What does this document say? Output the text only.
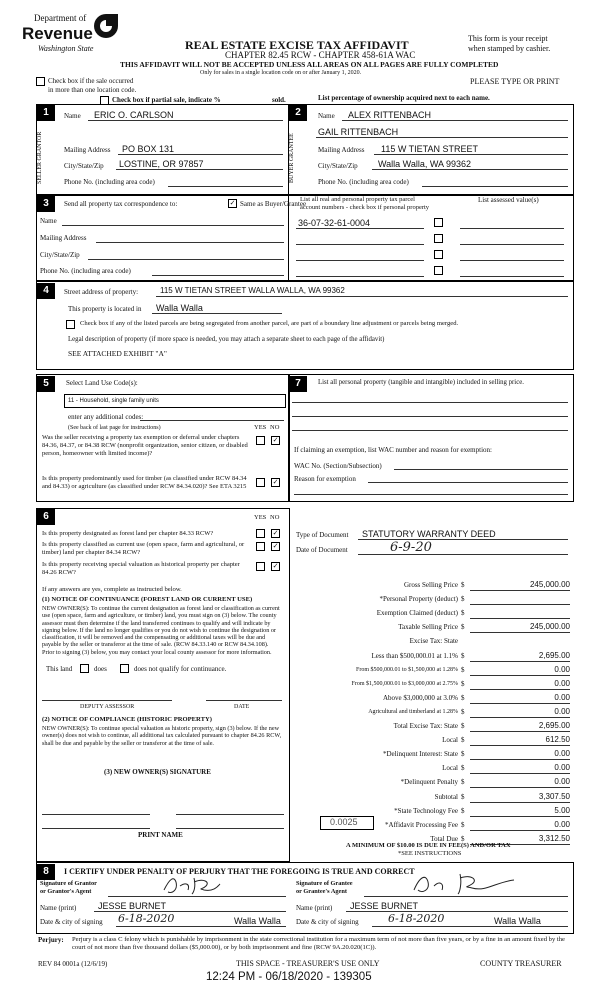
Department of
Revenue
Washington State	REAL ESTATE EXCISE TAX AFFIDAVIT
CHAPTER 82.45 RCW - CHAPTER 458-61A WAC
THIS AFFIDAVIT WILL NOT BE ACCEPTED UNLESS ALL AREAS ON ALL PAGES ARE FULLY COMPLETED
Only for sales in a single location code on or after January 1, 2020.
This form is your receipt
when stamped by cashier.
PLEASE TYPE OR PRINT
Check box if the sale occurred
in more than one location code.
Check box if partial sale, indicate %	sold.	List percentage of ownership acquired next to each name.
1
SELLER GRANTOR
Name ERIC O. CARLSON
Mailing Address PO BOX 131
City/State/Zip LOSTINE, OR 97857
Phone No. (including area code)
2
BUYER GRANTEE
Name ALEX RITTENBACH
GAIL RITTENBACH
Mailing Address 115 W TIETAN STREET
City/State/Zip Walla Walla, WA 99362
Phone No. (including area code)
3	Send all property tax correspondence to:	✓ Same as Buyer/Grantee
List all real and personal property tax parcel
account numbers - check box if personal property
List assessed value(s)
Name
Mailing Address
City/State/Zip
Phone No. (including area code)
36-07-32-61-0004
4	Street address of property:	115 W TIETAN STREET WALLA WALLA, WA 99362
This property is located in Walla Walla
Check box if any of the listed parcels are being segregated from another parcel, are part of a boundary line adjustment or parcels being merged.
Legal description of property (if more space is needed, you may attach a separate sheet to each page of the affidavit)
SEE ATTACHED EXHIBIT "A"
5	Select Land Use Code(s):
11 - Household, single family units
enter any additional codes:
(See back of last page for instructions)	YES NO
Was the seller receiving a property tax exemption or deferral under chapters 84.36, 84.37, or 84.38 RCW (nonprofit organization, senior citizen, or disabled person, homeowner with limited income)?
✓
Is this property predominantly used for timber (as classified under RCW 84.34 and 84.33) or agriculture (as classified under RCW 84.34.020)? See ETA 3215
✓
6	YES NO
Is this property designated as forest land per chapter 84.33 RCW?	✓
Is this property classified as current use (open space, farm and agricultural, or timber) land per chapter 84.34 RCW?
✓
Is this property receiving special valuation as historical property per chapter 84.26 RCW?
✓
If any answers are yes, complete as instructed below.
(1) NOTICE OF CONTINUANCE (FOREST LAND OR CURRENT USE)
NEW OWNER(S): To continue the current designation as forest land or classification as current use (open space, farm and agriculture, or timber) land, you must sign on (3) below. The county assessor must then determine if the land transferred continues to qualify and will indicate by signing below. If the land no longer qualifies or you do not wish to continue the designation or classification, it will be removed and the compensating or additional taxes will be due and payable by the seller or transferor at the time of sale. (RCW 84.33.140 or RCW 84.34.108). Prior to signing (3) below, you may contact your local county assessor for more information.
This land	does	does not qualify for continuance.
DEPUTY ASSESSOR	DATE
(2) NOTICE OF COMPLIANCE (HISTORIC PROPERTY)
NEW OWNER(S): To continue special valuation as historic property, sign (3) below. If the new owner(s) does not wish to continue, all additional tax calculated pursuant to chapter 84.26 RCW, shall be due and payable by the seller or transferor at the time of sale.
(3) NEW OWNER(S) SIGNATURE
PRINT NAME
7	List all personal property (tangible and intangible) included in selling price.
If claiming an exemption, list WAC number and reason for exemption:
WAC No. (Section/Subsection)
Reason for exemption
Type of Document STATUTORY WARRANTY DEED
Date of Document	6-9-20
Gross Selling Price $	245,000.00
*Personal Property (deduct) $
Exemption Claimed (deduct) $
Taxable Selling Price $	245,000.00
Excise Tax: State
Less than $500,000.01 at 1.1% $	2,695.00
From $500,000.01 to $1,500,000 at 1.28% $	0.00
From $1,500,000.01 to $3,000,000 at 2.75% $	0.00
Above $3,000,000 at 3.0% $	0.00
Agricultural and timberland at 1.28% $	0.00
Total Excise Tax: State $	2,695.00
Local $	612.50
*Delinquent Interest: State $	0.00
Local $	0.00
*Delinquent Penalty $	0.00
Subtotal $	3,307.50
*State Technology Fee $	5.00
*Affidavit Processing Fee $	0.00
Total Due $	3,312.50
0.0025
A MINIMUM OF $10.00 IS DUE IN FEE(S) AND/OR TAX
*SEE INSTRUCTIONS
8	I CERTIFY UNDER PENALTY OF PERJURY THAT THE FOREGOING IS TRUE AND CORRECT
Signature of Grantor or Grantor's Agent
Name (print) JESSE BURNET
Date & city of signing 6-18-2020	Walla Walla
Signature of Grantee or Grantee's Agent
Name (print) JESSE BURNET
Date & city of signing	6-18-2020	Walla Walla
Perjury: Perjury is a class C felony which is punishable by imprisonment in the state correctional institution for a maximum term of not more than five years, or by a fine in an amount fixed by the court of not more than five thousand dollars ($5,000.00), or by both imprisonment and fine (RCW 9A.20.020(1C)).
REV 84 0001a (12/6/19)	THIS SPACE - TREASURER'S USE ONLY	COUNTY TREASURER
12:24 PM - 06/18/2020 - 139305
